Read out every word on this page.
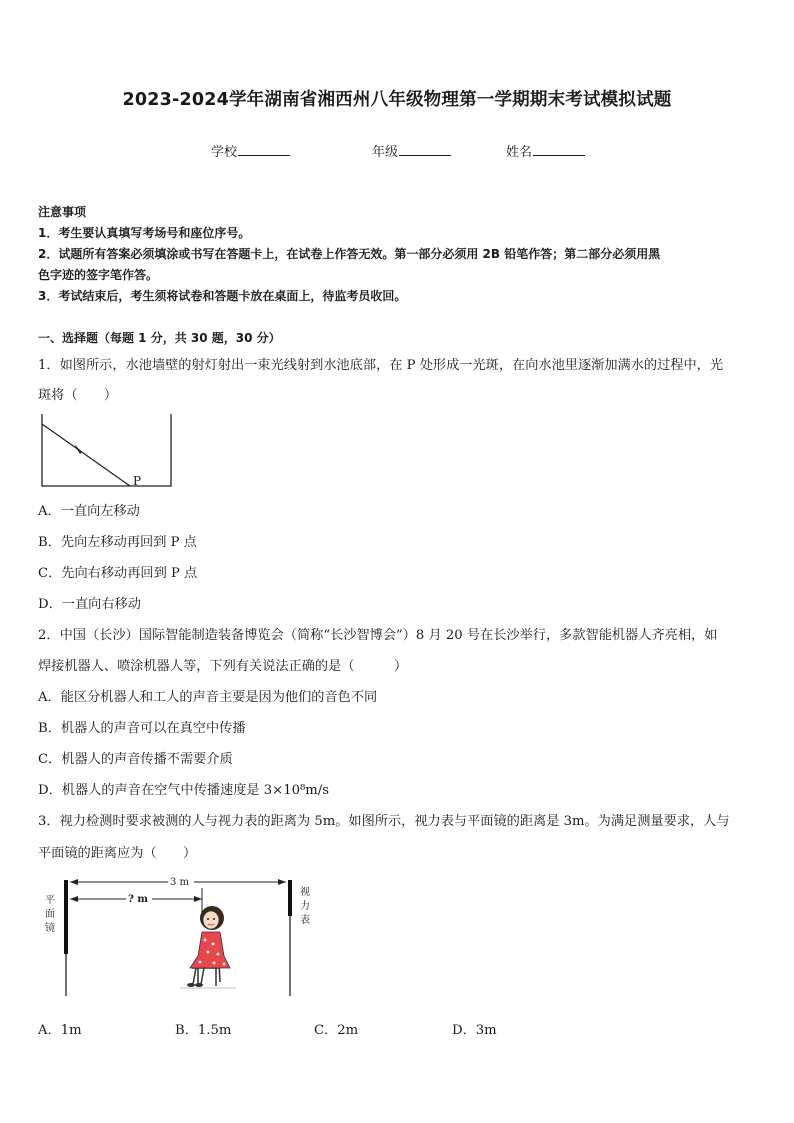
2023-2024学年湖南省湘西州八年级物理第一学期期末考试模拟试题
学校	年级	姓名
注意事项
1．考生要认真填写考场号和座位序号。
2．试题所有答案必须填涂或书写在答题卡上，在试卷上作答无效。第一部分必须用 2B 铅笔作答；第二部分必须用黑
色字迹的签字笔作答。
3．考试结束后，考生须将试卷和答题卡放在桌面上，待监考员收回。
一、选择题（每题 1 分，共 30 题，30 分）
1．如图所示，水池墙壁的射灯射出一束光线射到水池底部，在 P 处形成一光斑，在向水池里逐渐加满水的过程中，光
斑将（　　）
P
A．一直向左移动
B．先向左移动再回到 P 点
C．先向右移动再回到 P 点
D．一直向右移动
2．中国（长沙）国际智能制造装备博览会（简称“长沙智博会”）8 月 20 号在长沙举行，多款智能机器人齐亮相，如
焊接机器人、喷涂机器人等，下列有关说法正确的是（　　　）
A．能区分机器人和工人的声音主要是因为他们的音色不同
B．机器人的声音可以在真空中传播
C．机器人的声音传播不需要介质
D．机器人的声音在空气中传播速度是 3×10⁸m/s
3．视力检测时要求被测的人与视力表的距离为 5m。如图所示，视力表与平面镜的距离是 3m。为满足测量要求，人与
平面镜的距离应为（　　）
3 m
? m
平
面
镜
视
力
表
A．1m	B．1.5m	C．2m	D．3m
